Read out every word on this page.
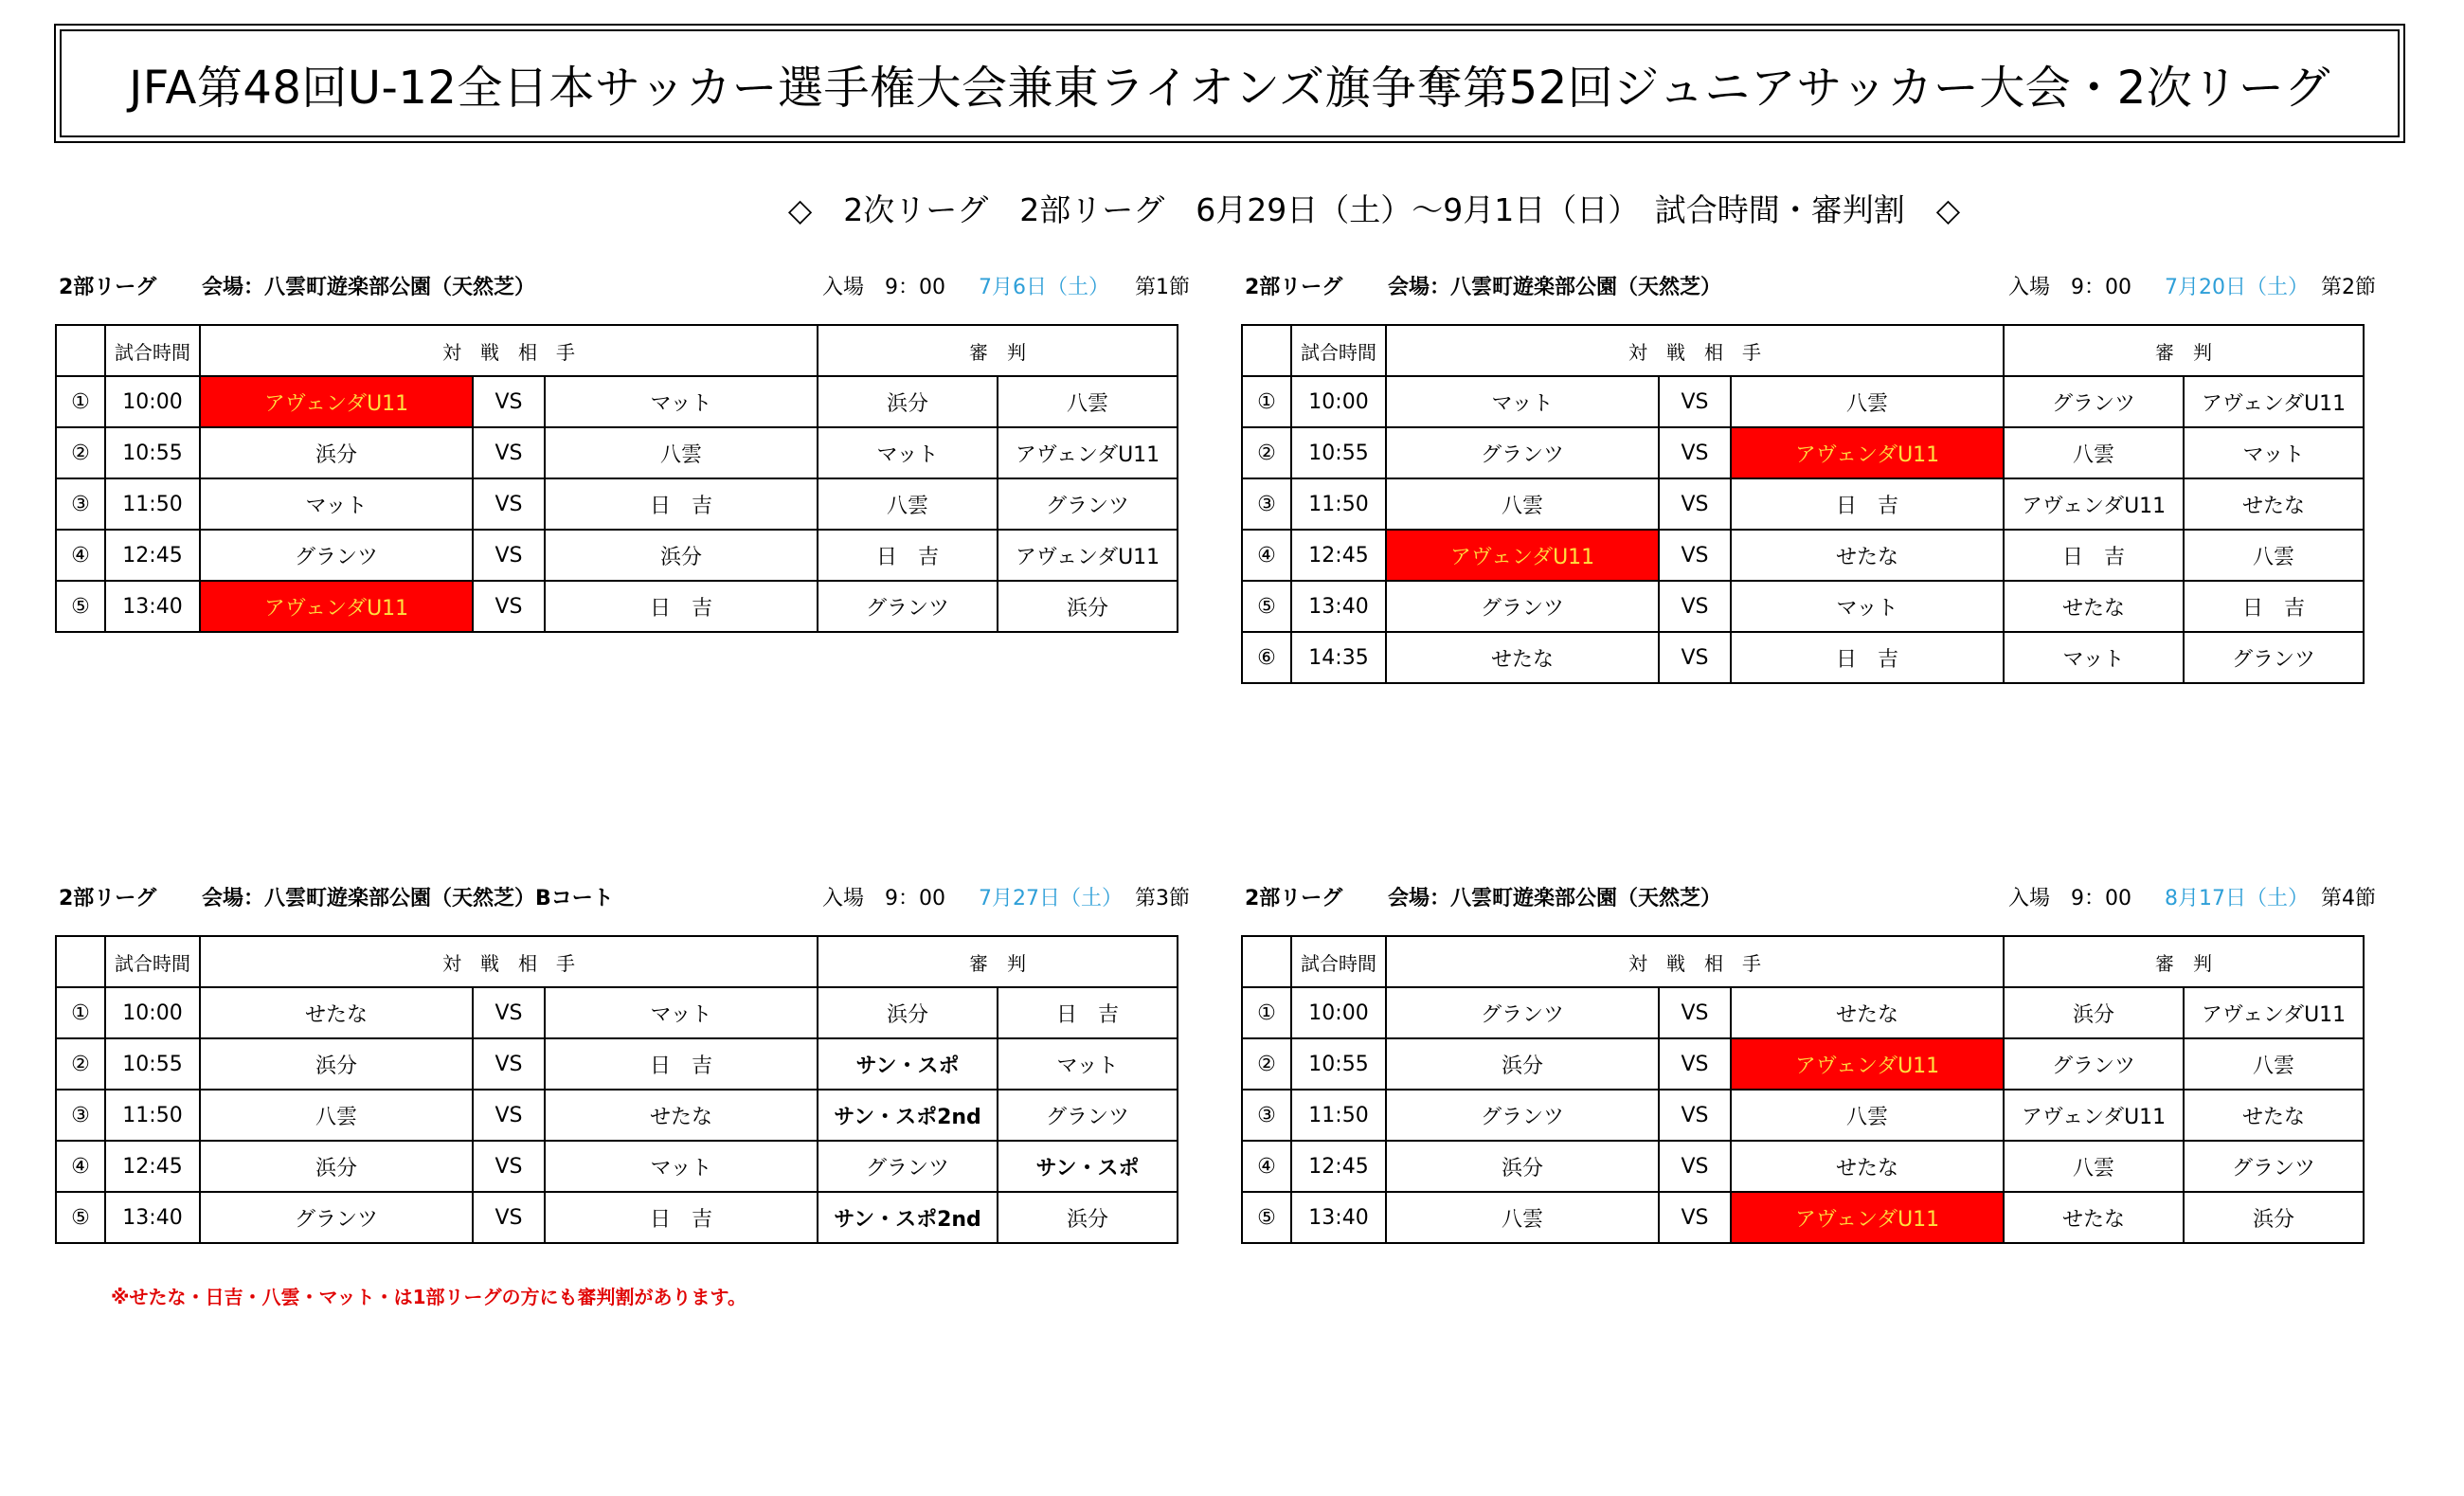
JFA第48回U-12全日本サッカー選手権大会兼東ライオンズ旗争奪第52回ジュニアサッカー大会・2次リーグ
◇　2次リーグ　2部リーグ　6月29日（土）～9月1日（日）　試合時間・審判割　◇
2部リーグ 会場：八雲町遊楽部公園（天然芝）	入場　9：00 7月6日（土） 第1節
	試合時間	対　戦　相　手			審　判	
①	10:00	アヴェンダU11	VS	マット	浜分	八雲
②	10:55	浜分	VS	八雲	マット	アヴェンダU11
③	11:50	マット	VS	日　吉	八雲	グランツ
④	12:45	グランツ	VS	浜分	日　吉	アヴェンダU11
⑤	13:40	アヴェンダU11	VS	日　吉	グランツ	浜分
2部リーグ 会場：八雲町遊楽部公園（天然芝）	入場　9：00 7月20日（土） 第2節
	試合時間	対　戦　相　手			審　判	
①	10:00	マット	VS	八雲	グランツ	アヴェンダU11
②	10:55	グランツ	VS	アヴェンダU11	八雲	マット
③	11:50	八雲	VS	日　吉	アヴェンダU11	せたな
④	12:45	アヴェンダU11	VS	せたな	日　吉	八雲
⑤	13:40	グランツ	VS	マット	せたな	日　吉
⑥	14:35	せたな	VS	日　吉	マット	グランツ
2部リーグ 会場：八雲町遊楽部公園（天然芝）Bコート	入場　9：00 7月27日（土） 第3節
	試合時間	対　戦　相　手			審　判	
①	10:00	せたな	VS	マット	浜分	日　吉
②	10:55	浜分	VS	日　吉	サン・スポ	マット
③	11:50	八雲	VS	せたな	サン・スポ2nd	グランツ
④	12:45	浜分	VS	マット	グランツ	サン・スポ
⑤	13:40	グランツ	VS	日　吉	サン・スポ2nd	浜分
2部リーグ 会場：八雲町遊楽部公園（天然芝）	入場　9：00 8月17日（土） 第4節
	試合時間	対　戦　相　手			審　判	
①	10:00	グランツ	VS	せたな	浜分	アヴェンダU11
②	10:55	浜分	VS	アヴェンダU11	グランツ	八雲
③	11:50	グランツ	VS	八雲	アヴェンダU11	せたな
④	12:45	浜分	VS	せたな	八雲	グランツ
⑤	13:40	八雲	VS	アヴェンダU11	せたな	浜分
※せたな・日吉・八雲・マット・は1部リーグの方にも審判割があります。
